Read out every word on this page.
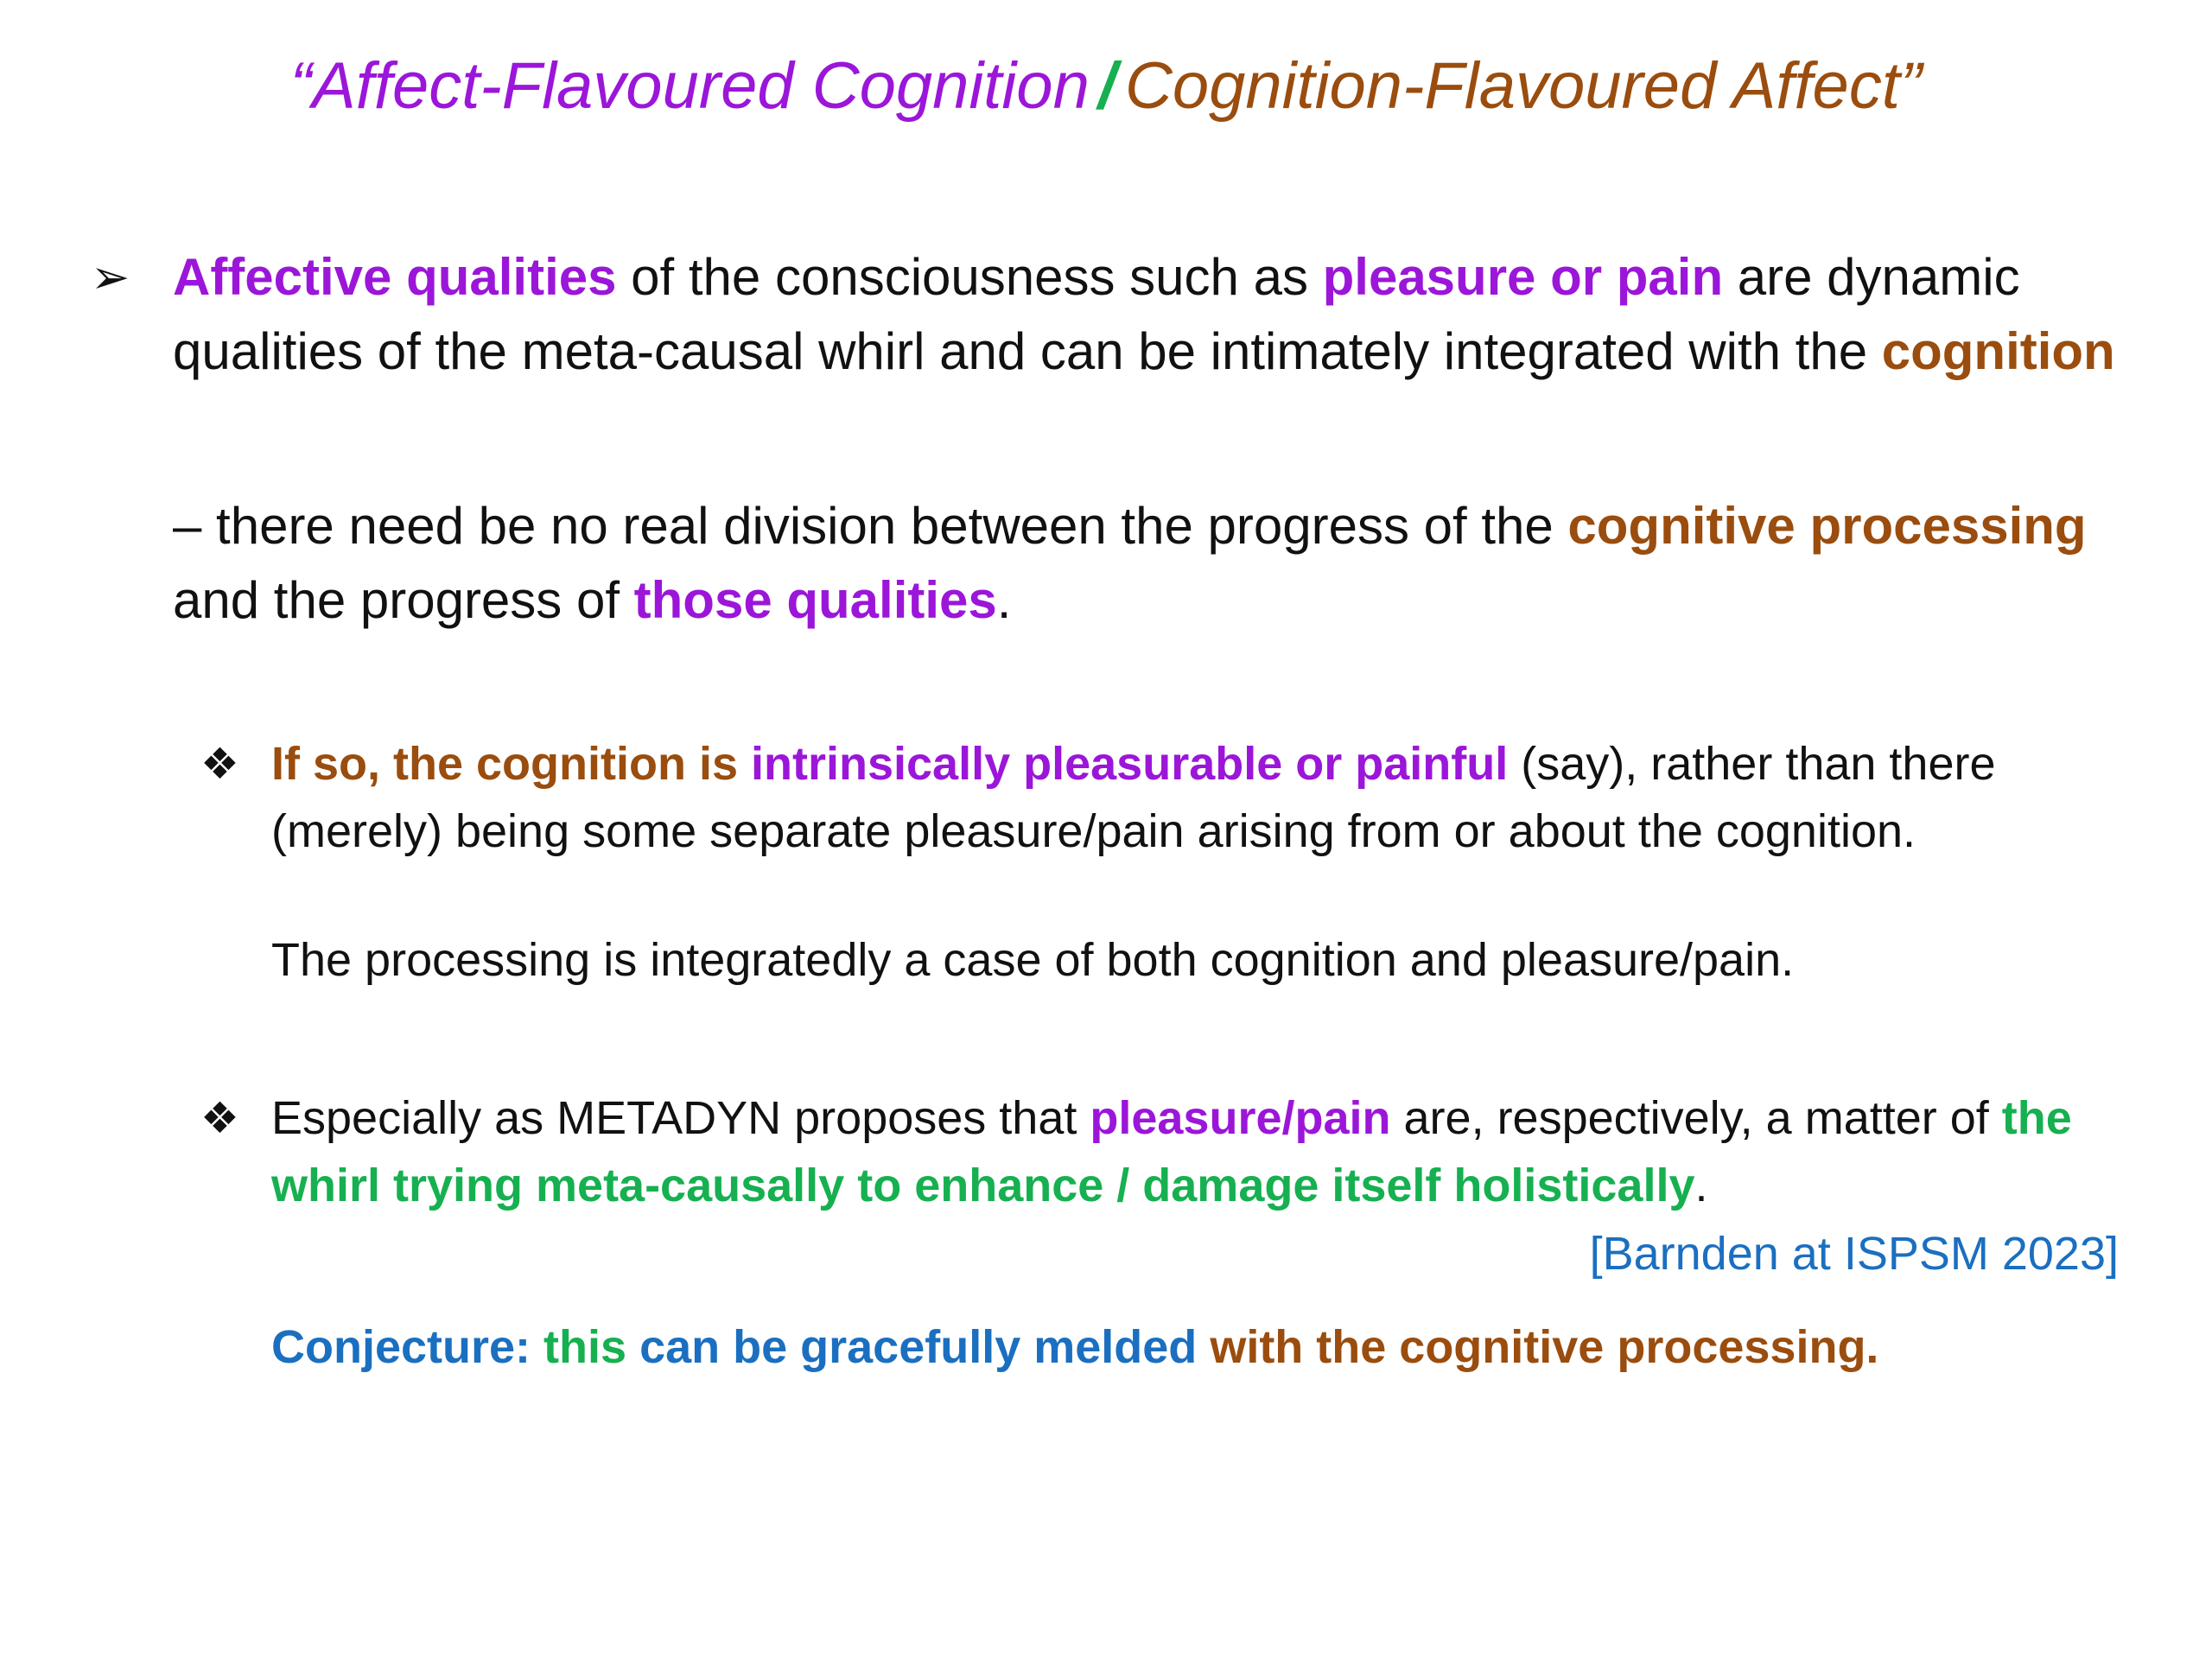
“Affect-Flavoured Cognition / Cognition-Flavoured Affect”
➢ Affective qualities of the consciousness such as pleasure or pain are dynamic qualities of the meta-causal whirl and can be intimately integrated with the cognition
– there need be no real division between the progress of the cognitive processing and the progress of those qualities.
❖ If so, the cognition is intrinsically pleasurable or painful (say), rather than there (merely) being some separate pleasure/pain arising from or about the cognition.
The processing is integratedly a case of both cognition and pleasure/pain.
❖ Especially as METADYN proposes that pleasure/pain are, respectively, a matter of the whirl trying meta-causally to enhance / damage itself holistically.
[Barnden at ISPSM 2023]
Conjecture: this can be gracefully melded with the cognitive processing.
